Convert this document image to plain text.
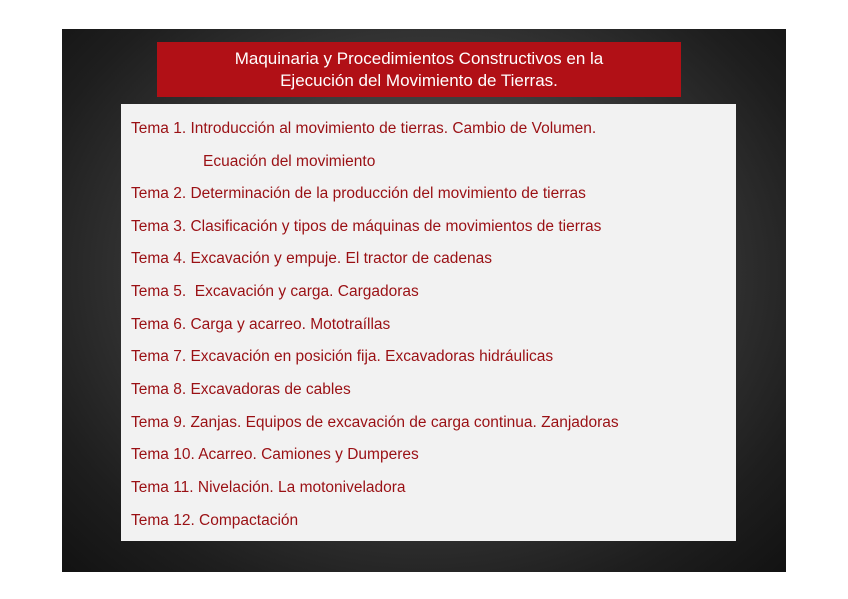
Maquinaria y Procedimientos Constructivos en la
Ejecución del Movimiento de Tierras.
Tema 1. Introducción al movimiento de tierras. Cambio de Volumen.
Ecuación del movimiento
Tema 2. Determinación de la producción del movimiento de tierras
Tema 3. Clasificación y tipos de máquinas de movimientos de tierras
Tema 4. Excavación y empuje. El tractor de cadenas
Tema 5.  Excavación y carga. Cargadoras
Tema 6. Carga y acarreo. Mototraíllas
Tema 7. Excavación en posición fija. Excavadoras hidráulicas
Tema 8. Excavadoras de cables
Tema 9. Zanjas. Equipos de excavación de carga continua. Zanjadoras
Tema 10. Acarreo. Camiones y Dumperes
Tema 11. Nivelación. La motoniveladora
Tema 12. Compactación
